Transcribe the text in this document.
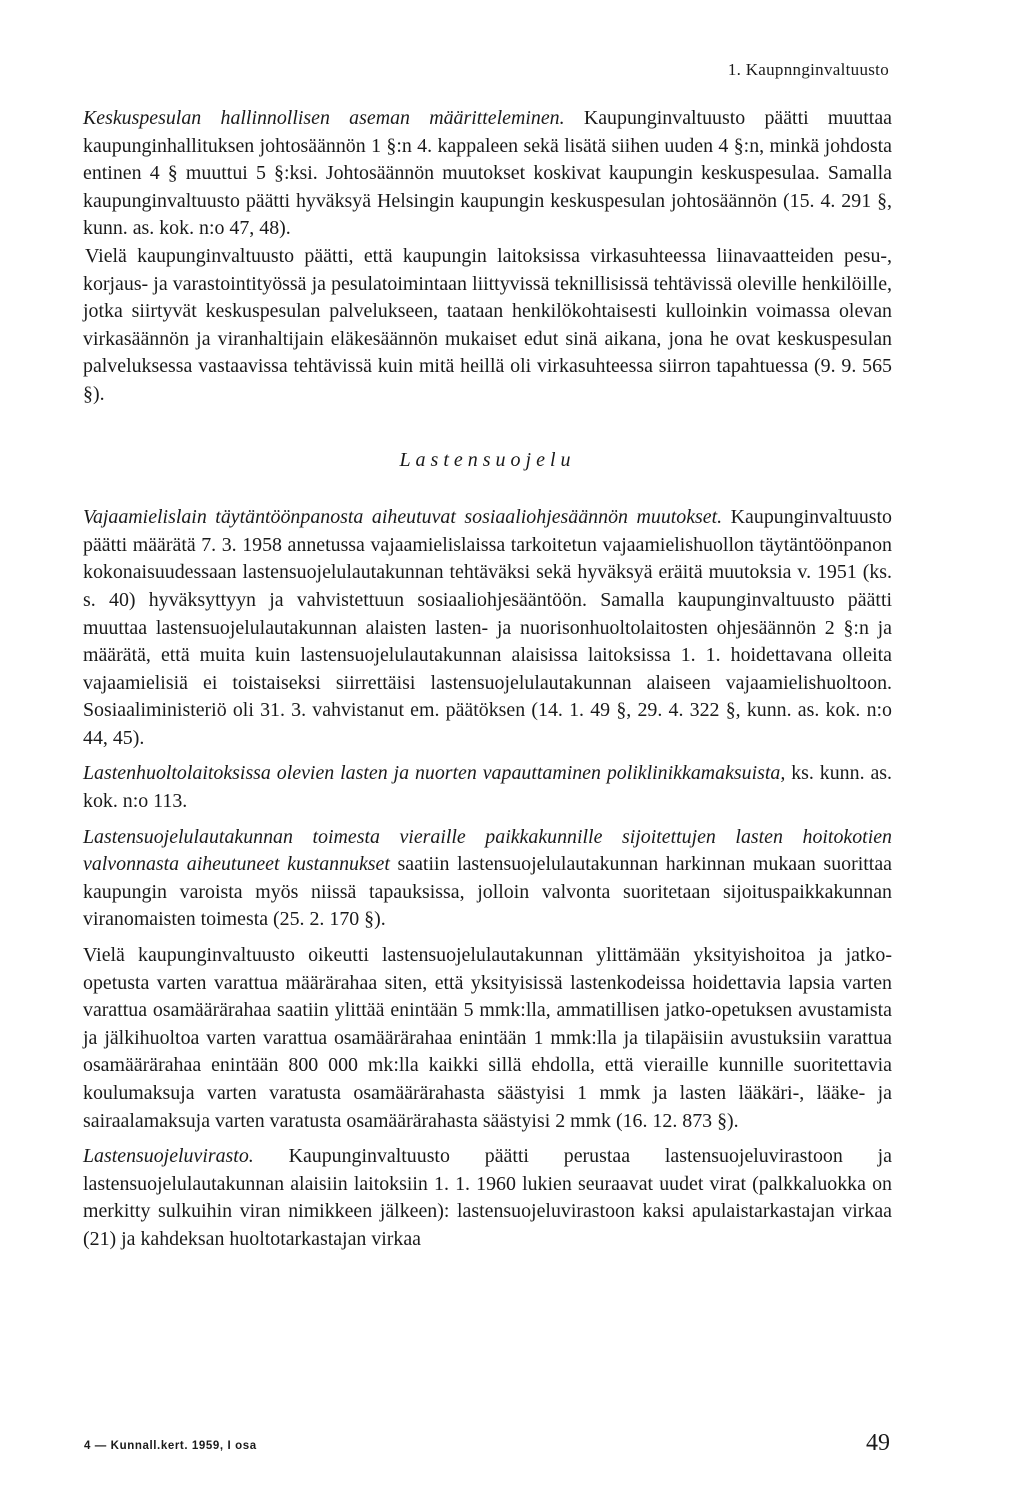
1. Kaupnnginvaltuusto

Keskuspesulan hallinnollisen aseman määritteleminen. Kaupunginvaltuusto päätti muuttaa kaupunginhallituksen johtosäännön 1 §:n 4. kappaleen sekä lisätä siihen uuden 4 §:n, minkä johdosta entinen 4 § muuttui 5 §:ksi. Johtosäännön muutokset koskivat kaupungin keskuspesulaa. Samalla kaupunginvaltuusto päätti hyväksyä Helsingin kaupungin keskuspesulan johtosäännön (15. 4. 291 §, kunn. as. kok. n:o 47, 48).

Vielä kaupunginvaltuusto päätti, että kaupungin laitoksissa virkasuhteessa liinavaatteiden pesu-, korjaus- ja varastointityössä ja pesulatoimintaan liittyvissä teknillisissä tehtävissä oleville henkilöille, jotka siirtyvät keskuspesulan palvelukseen, taataan henkilökohtaisesti kulloinkin voimassa olevan virkasäännön ja viranhaltijain eläkesäännön mukaiset edut sinä aikana, jona he ovat keskuspesulan palveluksessa vastaavissa tehtävissä kuin mitä heillä oli virkasuhteessa siirron tapahtuessa (9. 9. 565 §).

Lastensuojelu

Vajaamielislain täytäntöönpanosta aiheutuvat sosiaaliohjesäännön muutokset. Kaupunginvaltuusto päätti määrätä 7. 3. 1958 annetussa vajaamielislaissa tarkoitetun vajaamielishuollon täytäntöönpanon kokonaisuudessaan lastensuojelulautakunnan tehtäväksi sekä hyväksyä eräitä muutoksia v. 1951 (ks. s. 40) hyväksyttyyn ja vahvistettuun sosiaaliohjesääntöön. Samalla kaupunginvaltuusto päätti muuttaa lastensuojelulautakunnan alaisten lasten- ja nuorisonhuoltolaitosten ohjesäännön 2 §:n ja määrätä, että muita kuin lastensuojelulautakunnan alaisissa laitoksissa 1. 1. hoidettavana olleita vajaamielisiä ei toistaiseksi siirrettäisi lastensuojelulautakunnan alaiseen vajaamielishuoltoon. Sosiaaliministeriö oli 31. 3. vahvistanut em. päätöksen (14. 1. 49 §, 29. 4. 322 §, kunn. as. kok. n:o 44, 45).

Lastenhuoltolaitoksissa olevien lasten ja nuorten vapauttaminen poliklinikkamaksuista, ks. kunn. as. kok. n:o 113.

Lastensuojelulautakunnan toimesta vieraille paikkakunnille sijoitettujen lasten hoitokotien valvonnasta aiheutuneet kustannukset saatiin lastensuojelulautakunnan harkinnan mukaan suorittaa kaupungin varoista myös niissä tapauksissa, jolloin valvonta suoritetaan sijoituspaikkakunnan viranomaisten toimesta (25. 2. 170 §).

Vielä kaupunginvaltuusto oikeutti lastensuojelulautakunnan ylittämään yksityishoitoa ja jatko-opetusta varten varattua määrärahaa siten, että yksityisissä lastenkodeissa hoidettavia lapsia varten varattua osamäärärahaa saatiin ylittää enintään 5 mmk:lla, ammatillisen jatko-opetuksen avustamista ja jälkihuoltoa varten varattua osamäärärahaa enintään 1 mmk:lla ja tilapäisiin avustuksiin varattua osamäärärahaa enintään 800 000 mk:lla kaikki sillä ehdolla, että vieraille kunnille suoritettavia koulumaksuja varten varatusta osamäärärahasta säästyisi 1 mmk ja lasten lääkäri-, lääke- ja sairaalamaksuja varten varatusta osamäärärahasta säästyisi 2 mmk (16. 12. 873 §).

Lastensuojeluvirasto. Kaupunginvaltuusto päätti perustaa lastensuojeluvirastoon ja lastensuojelulautakunnan alaisiin laitoksiin 1. 1. 1960 lukien seuraavat uudet virat (palkkaluokka on merkitty sulkuihin viran nimikkeen jälkeen): lastensuojeluvirastoon kaksi apulaistarkastajan virkaa (21) ja kahdeksan huoltotarkastajan virkaa

4 — Kunnall.kert. 1959, I osa	49
